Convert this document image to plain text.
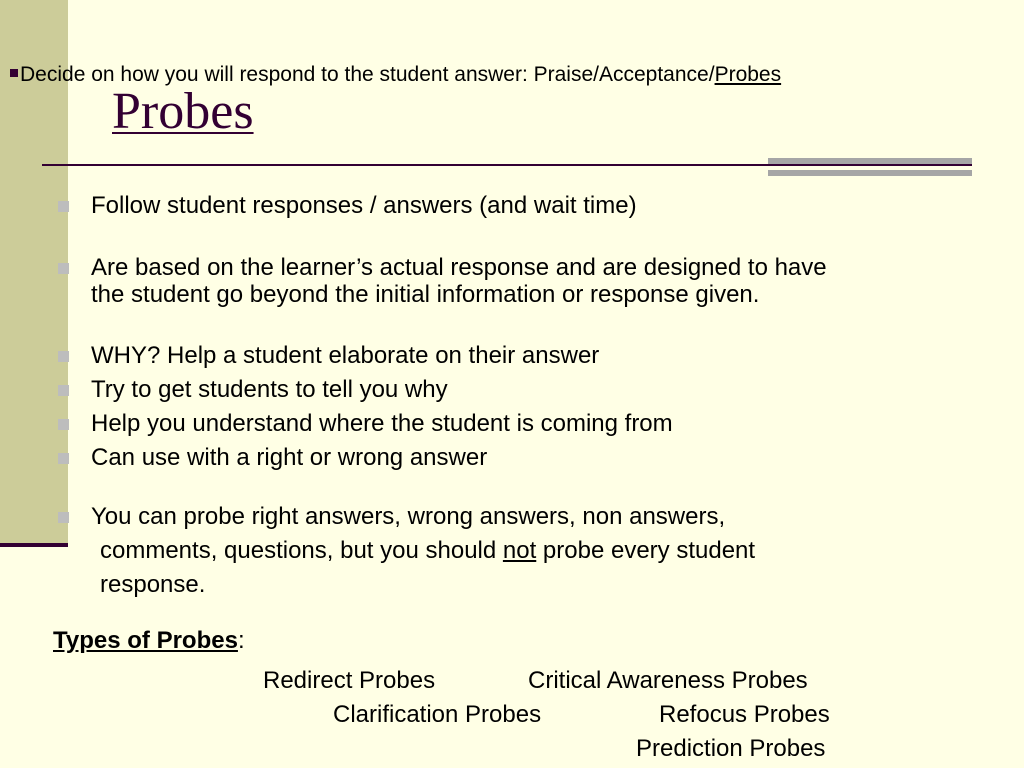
Decide on how you will respond to the student answer: Praise/Acceptance/Probes
Probes
Follow student responses / answers (and wait time)
Are based on the learner’s actual response and are designed to have
the student go beyond the initial information or response given.
WHY? Help a student elaborate on their answer
Try to get students to tell you why
Help you understand where the student is coming from
Can use with a right or wrong answer
You can probe right answers, wrong answers, non answers,
comments, questions, but you should not probe every student
response.
Types of Probes:
Redirect Probes	Critical Awareness Probes
Clarification Probes	Refocus Probes
Prediction Probes
